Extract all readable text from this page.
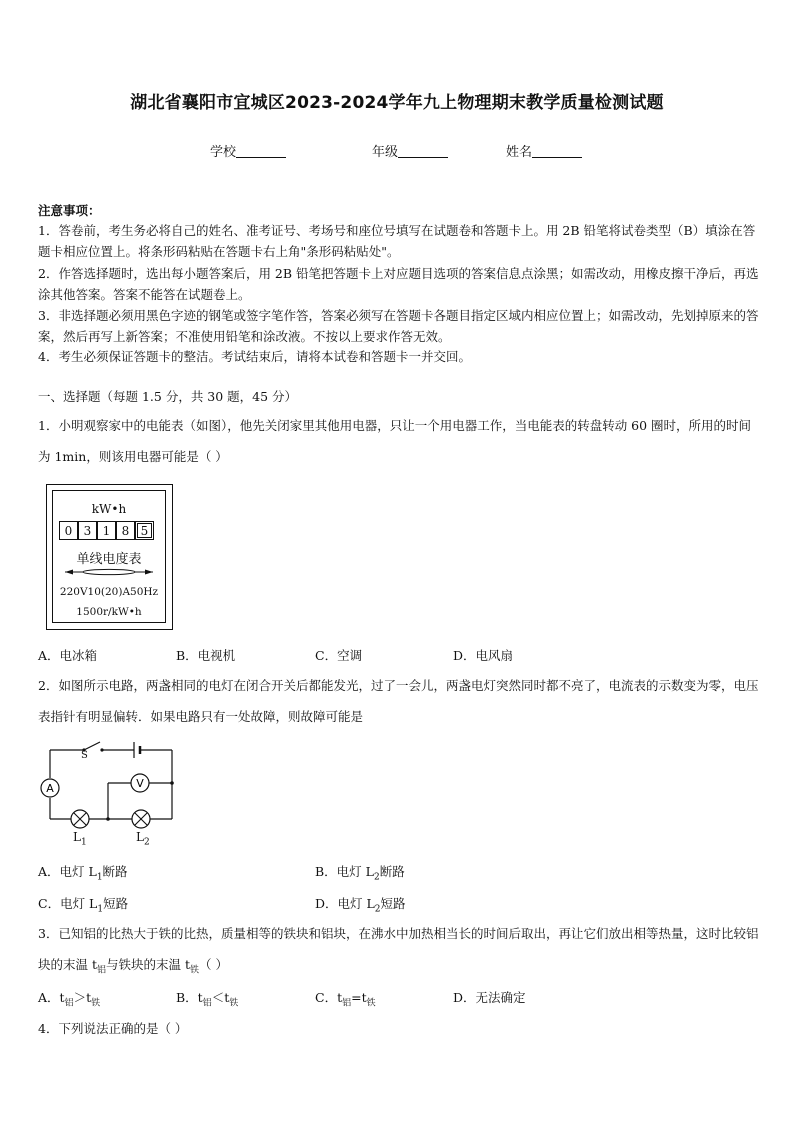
湖北省襄阳市宜城区2023-2024学年九上物理期末教学质量检测试题
学校	年级	姓名
注意事项：
1．答卷前，考生务必将自己的姓名、准考证号、考场号和座位号填写在试题卷和答题卡上。用 2B 铅笔将试卷类型（B）填涂在答题卡相应位置上。将条形码粘贴在答题卡右上角"条形码粘贴处"。
2．作答选择题时，选出每小题答案后，用 2B 铅笔把答题卡上对应题目选项的答案信息点涂黑；如需改动，用橡皮擦干净后，再选涂其他答案。答案不能答在试题卷上。
3．非选择题必须用黑色字迹的钢笔或签字笔作答，答案必须写在答题卡各题目指定区域内相应位置上；如需改动，先划掉原来的答案，然后再写上新答案；不准使用铅笔和涂改液。不按以上要求作答无效。
4．考生必须保证答题卡的整洁。考试结束后，请将本试卷和答题卡一并交回。
一、选择题（每题 1.5 分，共 30 题，45 分）
1．小明观察家中的电能表（如图），他先关闭家里其他用电器，只让一个用电器工作，当电能表的转盘转动 60 圈时，所用的时间为 1min，则该用电器可能是（ ）
kW•h
0 3 1 8 5
单线电度表
220V10(20)A50Hz
1500r/kW•h
A．电冰箱	B．电视机	C．空调	D．电风扇
2．如图所示电路，两盏相同的电灯在闭合开关后都能发光，过了一会儿，两盏电灯突然同时都不亮了，电流表的示数变为零，电压表指针有明显偏转．如果电路只有一处故障，则故障可能是
A	V
S
$L_1$	$L_2$
A．电灯 $L_1$断路	B．电灯 $L_2$断路
C．电灯 $L_1$短路	D．电灯 $L_2$短路
3．已知铝的比热大于铁的比热，质量相等的铁块和铝块，在沸水中加热相当长的时间后取出，再让它们放出相等热量，这时比较铝块的末温 $t_铝$与铁块的末温 $t_铁$（ ）
A．$t_铝>t_铁$	B．$t_铝<t_铁$	C．$t_铝=t_铁$	D．无法确定
4．下列说法正确的是（ ）
